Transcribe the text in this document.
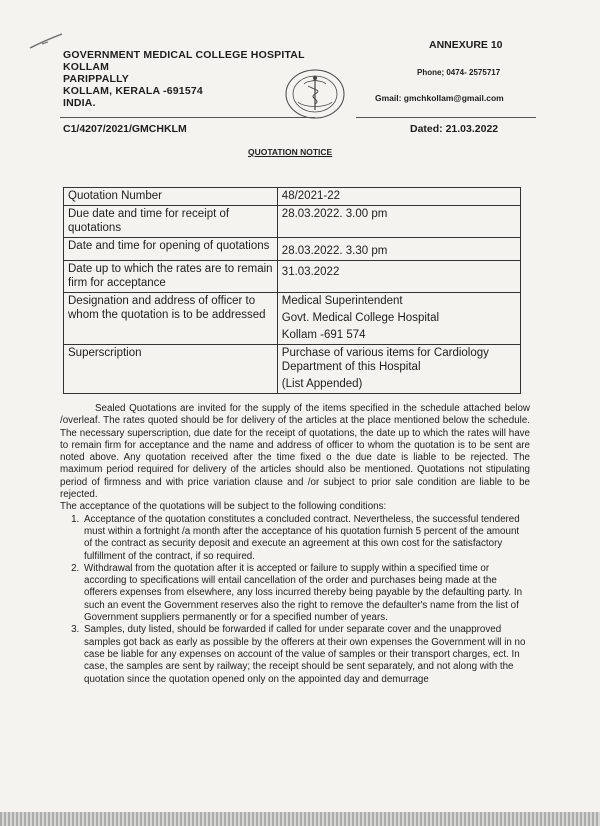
GOVERNMENT MEDICAL COLLEGE HOSPITAL
KOLLAM
PARIPPALLY
KOLLAM, KERALA -691574
INDIA.
ANNEXURE 10
Phone; 0474- 2575717
Gmail: gmchkollam@gmail.com
C1/4207/2021/GMCHKLM	Dated: 21.03.2022
QUOTATION NOTICE
Quotation Number	48/2021-22
Due date and time for receipt of quotations	28.03.2022. 3.00 pm
Date and time for opening of quotations	28.03.2022. 3.30 pm
Date up to which the rates are to remain firm for acceptance	31.03.2022
Designation and address of officer to whom the quotation is to be addressed	Medical Superintendent
	Govt. Medical College Hospital
	Kollam -691 574
Superscription	Purchase of various items for Cardiology Department of this Hospital
	(List Appended)

Sealed Quotations are invited for the supply of the items specified in the schedule attached below /overleaf. The rates quoted should be for delivery of the articles at the place mentioned below the schedule. The necessary superscription, due date for the receipt of quotations, the date up to which the rates will have to remain firm for acceptance and the name and address of officer to whom the quotation is to be sent are noted above. Any quotation received after the time fixed o the due date is liable to be rejected. The maximum period required for delivery of the articles should also be mentioned. Quotations not stipulating period of firmness and with price variation clause and /or subject to prior sale condition are liable to be rejected.

The acceptance of the quotations will be subject to the following conditions:

1. Acceptance of the quotation constitutes a concluded contract. Nevertheless, the successful tendered must within a fortnight /a month after the acceptance of his quotation furnish 5 percent of the amount of the contract as security deposit and execute an agreement at this own cost for the satisfactory fulfillment of the contract, if so required.
2. Withdrawal from the quotation after it is accepted or failure to supply within a specified time or according to specifications will entail cancellation of the order and purchases being made at the offerers expenses from elsewhere, any loss incurred thereby being payable by the defaulting party. In such an event the Government reserves also the right to remove the defaulter's name from the list of Government suppliers permanently or for a specified number of years.
3. Samples, duty listed, should be forwarded if called for under separate cover and the unapproved samples got back as early as possible by the offerers at their own expenses the Government will in no case be liable for any expenses on account of the value of samples or their transport charges, ect. In case, the samples are sent by railway; the receipt should be sent separately, and not along with the quotation since the quotation opened only on the appointed day and demurrage
